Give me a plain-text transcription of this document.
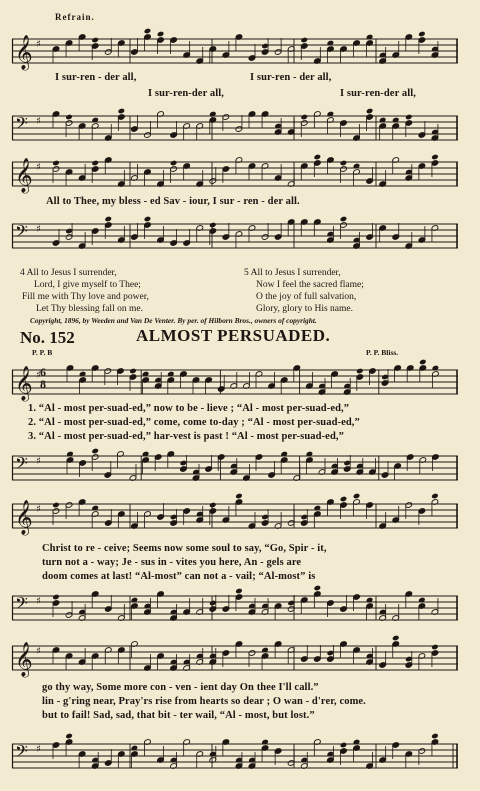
Refrain.
𝄞 ♯
𝄢 ♯
𝄞 ♯
𝄢 ♯
𝄞 ♯
𝄢 ♯
𝄞 ♯
𝄢 ♯
𝄞 ♯
𝄢 ♯
I sur-ren - der all,	I sur-ren - der all,
I sur-ren-der all,	I sur-ren-der all,
All to Thee, my bless - ed Sav - iour, I sur - ren - der all.
4 All to Jesus I surrender,
Lord, I give myself to Thee;
Fill me with Thy love and power,
Let Thy blessing fall on me.
5 All to Jesus I surrender,
Now I feel the sacred flame;
O the joy of full salvation,
Glory, glory to His name.
Copyright, 1896, by Weeden and Van De Venter. By per. of Hilborn Bros., owners of copyright.
No. 152	ALMOST PERSUADED.
P. P. B	P. P. Bliss.
6
8
1. “Al - most per-suad-ed,” now to be - lieve ; “Al - most per-suad-ed,”
2. “Al - most per-suad-ed,” come, come to-day ; “Al - most per-suad-ed,”
3. “Al - most per-suad-ed,” har-vest is past ! “Al - most per-suad-ed,”
Christ to re - ceive; Seems now some soul to say, “Go, Spir - it,
turn not a - way; Je - sus in - vites you here, An - gels are
doom comes at last! “Al-most” can not a - vail; “Al-most” is
go thy way, Some more con - ven - ient day On thee I'll call.”
lin - g'ring near, Pray'rs rise from hearts so dear ; O wan - d'rer, come.
but to fail! Sad, sad, that bit - ter wail, “Al - most, but lost.”
